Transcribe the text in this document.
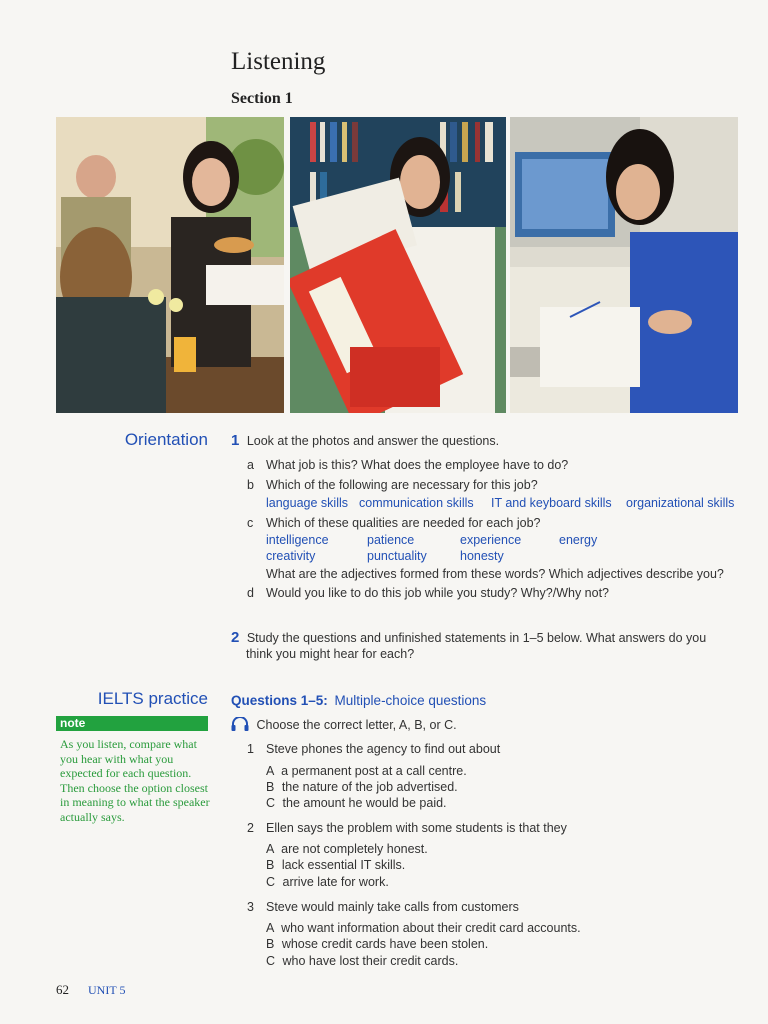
Listening
Section 1
Orientation 1 Look at the photos and answer the questions.
a What job is this? What does the employee have to do?
b Which of the following are necessary for this job?
language skills communication skills IT and keyboard skills organizational skills
c Which of these qualities are needed for each job?
intelligence	patience	experience	energy
creativity	punctuality	honesty
What are the adjectives formed from these words? Which adjectives describe you?
d Would you like to do this job while you study? Why?/Why not?
2 Study the questions and unfinished statements in 1–5 below. What answers do you
think you might hear for each?
IELTS practice
note
As you listen, compare what you hear with what you expected for each question. Then choose the option closest in meaning to what the speaker actually says.
Questions 1–5: Multiple-choice questions
Choose the correct letter, A, B, or C.
1 Steve phones the agency to find out about
A a permanent post at a call centre.
B the nature of the job advertised.
C the amount he would be paid.
2 Ellen says the problem with some students is that they
A are not completely honest.
B lack essential IT skills.
C arrive late for work.
3 Steve would mainly take calls from customers
A who want information about their credit card accounts.
B whose credit cards have been stolen.
C who have lost their credit cards.
62 UNIT 5
